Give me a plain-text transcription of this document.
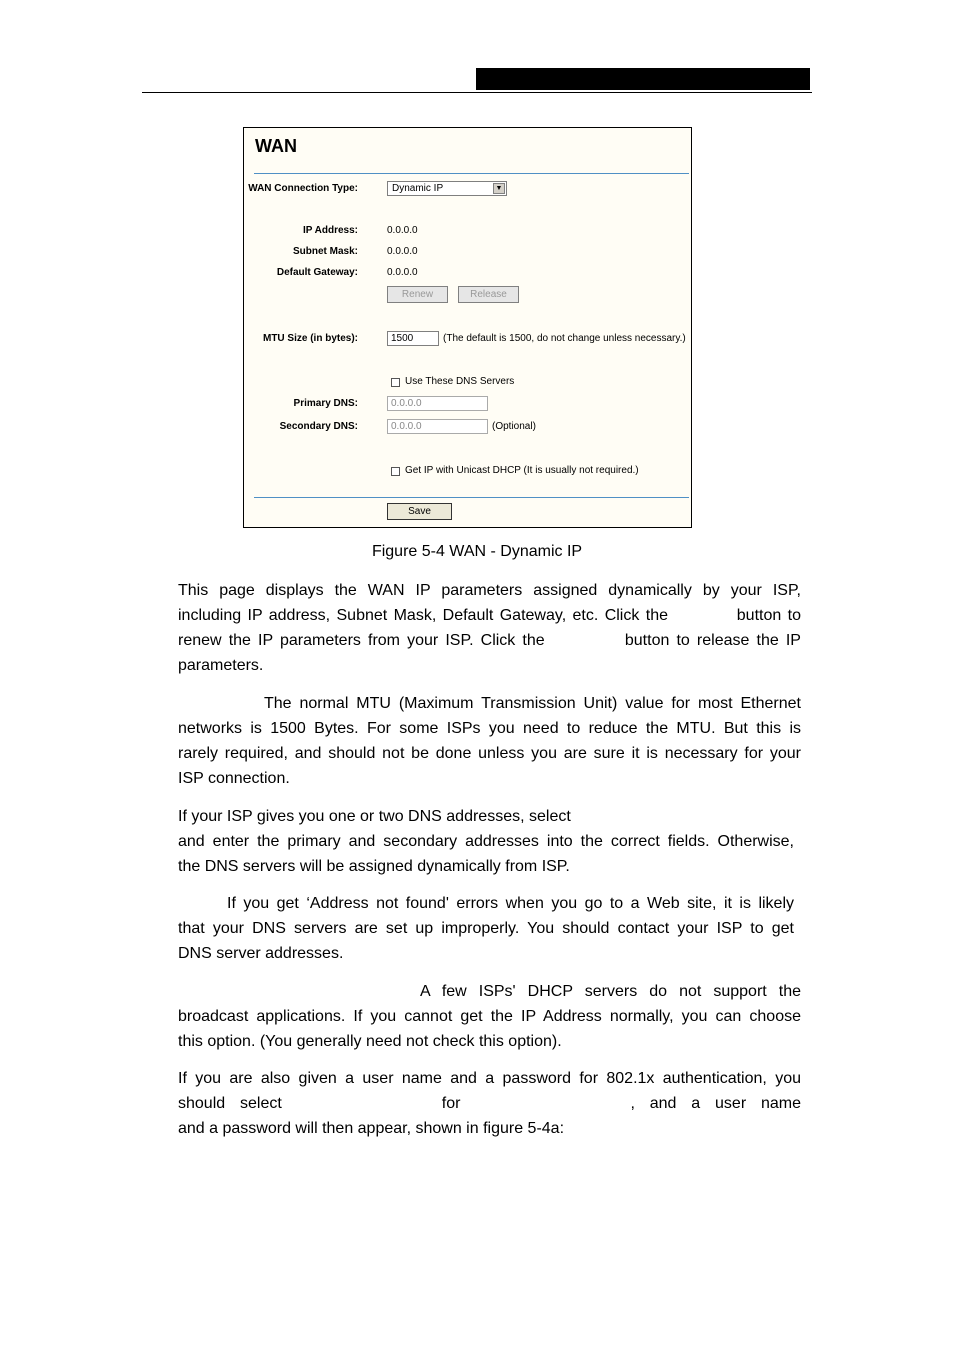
WAN
WAN Connection Type:	Dynamic IP	▼
IP Address:	0.0.0.0
Subnet Mask:	0.0.0.0
Default Gateway:	0.0.0.0
Renew	Release
MTU Size (in bytes):	1500	(The default is 1500, do not change unless necessary.)
Use These DNS Servers
Primary DNS:	0.0.0.0
Secondary DNS:	0.0.0.0	(Optional)
Get IP with Unicast DHCP (It is usually not required.)
Save
Figure 5-4 WAN - Dynamic IP
This page displays the WAN IP parameters assigned dynamically by your ISP,
including IP address, Subnet Mask, Default Gateway, etc. Click the	button to
renew the IP parameters from your ISP. Click the	button to release the IP
parameters.
The normal MTU (Maximum Transmission Unit) value for most Ethernet
networks is 1500 Bytes. For some ISPs you need to reduce the MTU. But this is
rarely required, and should not be done unless you are sure it is necessary for your
ISP connection.
If your ISP gives you one or two DNS addresses, select
and enter the primary and secondary addresses into the correct fields. Otherwise,
the DNS servers will be assigned dynamically from ISP.
If you get ‘Address not found' errors when you go to a Web site, it is likely
that your DNS servers are set up improperly. You should contact your ISP to get
DNS server addresses.
A few ISPs' DHCP servers do not support the
broadcast applications. If you cannot get the IP Address normally, you can choose
this option. (You generally need not check this option).
If you are also given a user name and a password for 802.1x authentication, you
should select	for	, and a user name
and a password will then appear, shown in figure 5-4a:
